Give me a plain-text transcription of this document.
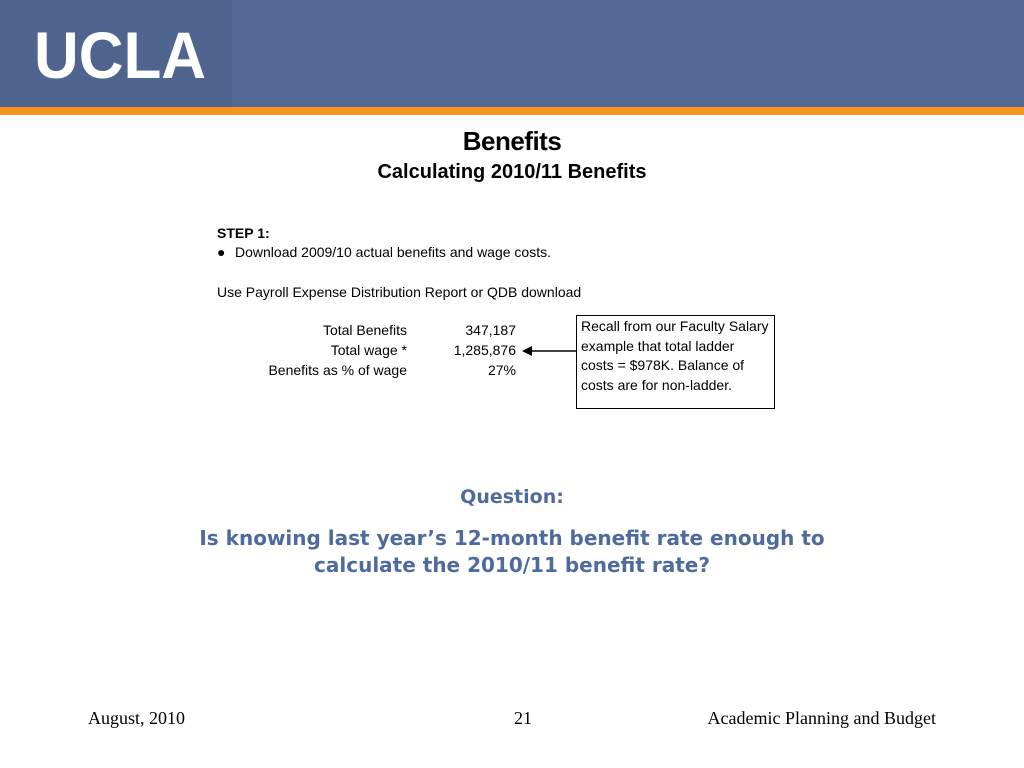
UCLA
Benefits
Calculating 2010/11 Benefits
STEP 1:
● Download 2009/10 actual benefits and wage costs.
Use Payroll Expense Distribution Report or QDB download
Total Benefits	347,187
Total wage *	1,285,876
Benefits as % of wage	27%
Recall from our Faculty Salary example that total ladder costs = $978K. Balance of costs are for non-ladder.
Question:
Is knowing last year’s 12-month benefit rate enough to calculate the 2010/11 benefit rate?
August, 2010	21	Academic Planning and Budget
